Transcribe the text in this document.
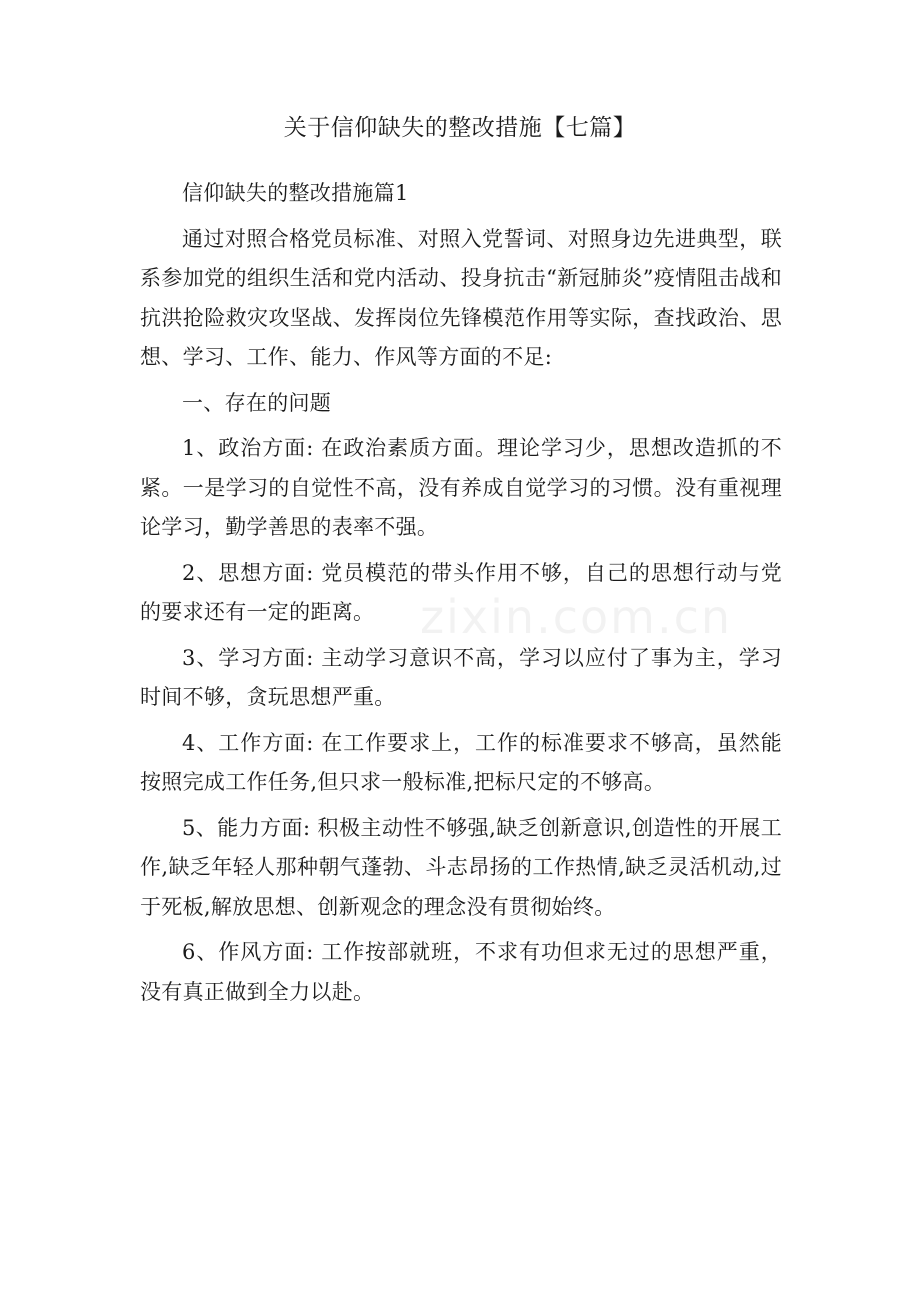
关于信仰缺失的整改措施【七篇】

信仰缺失的整改措施篇1

通过对照合格党员标准、对照入党誓词、对照身边先进典型，联系参加党的组织生活和党内活动、投身抗击“新冠肺炎”疫情阻击战和抗洪抢险救灾攻坚战、发挥岗位先锋模范作用等实际，查找政治、思想、学习、工作、能力、作风等方面的不足:

一、存在的问题

1、政治方面: 在政治素质方面。理论学习少，思想改造抓的不紧。一是学习的自觉性不高，没有养成自觉学习的习惯。没有重视理论学习，勤学善思的表率不强。

2、思想方面: 党员模范的带头作用不够，自己的思想行动与党的要求还有一定的距离。

3、学习方面: 主动学习意识不高，学习以应付了事为主，学习时间不够，贪玩思想严重。

4、工作方面: 在工作要求上，工作的标准要求不够高，虽然能按照完成工作任务,但只求一般标准,把标尺定的不够高。

5、能力方面: 积极主动性不够强,缺乏创新意识,创造性的开展工作,缺乏年轻人那种朝气蓬勃、斗志昂扬的工作热情,缺乏灵活机动,过于死板,解放思想、创新观念的理念没有贯彻始终。

6、作风方面: 工作按部就班，不求有功但求无过的思想严重，没有真正做到全力以赴。

zixin.com.cn
